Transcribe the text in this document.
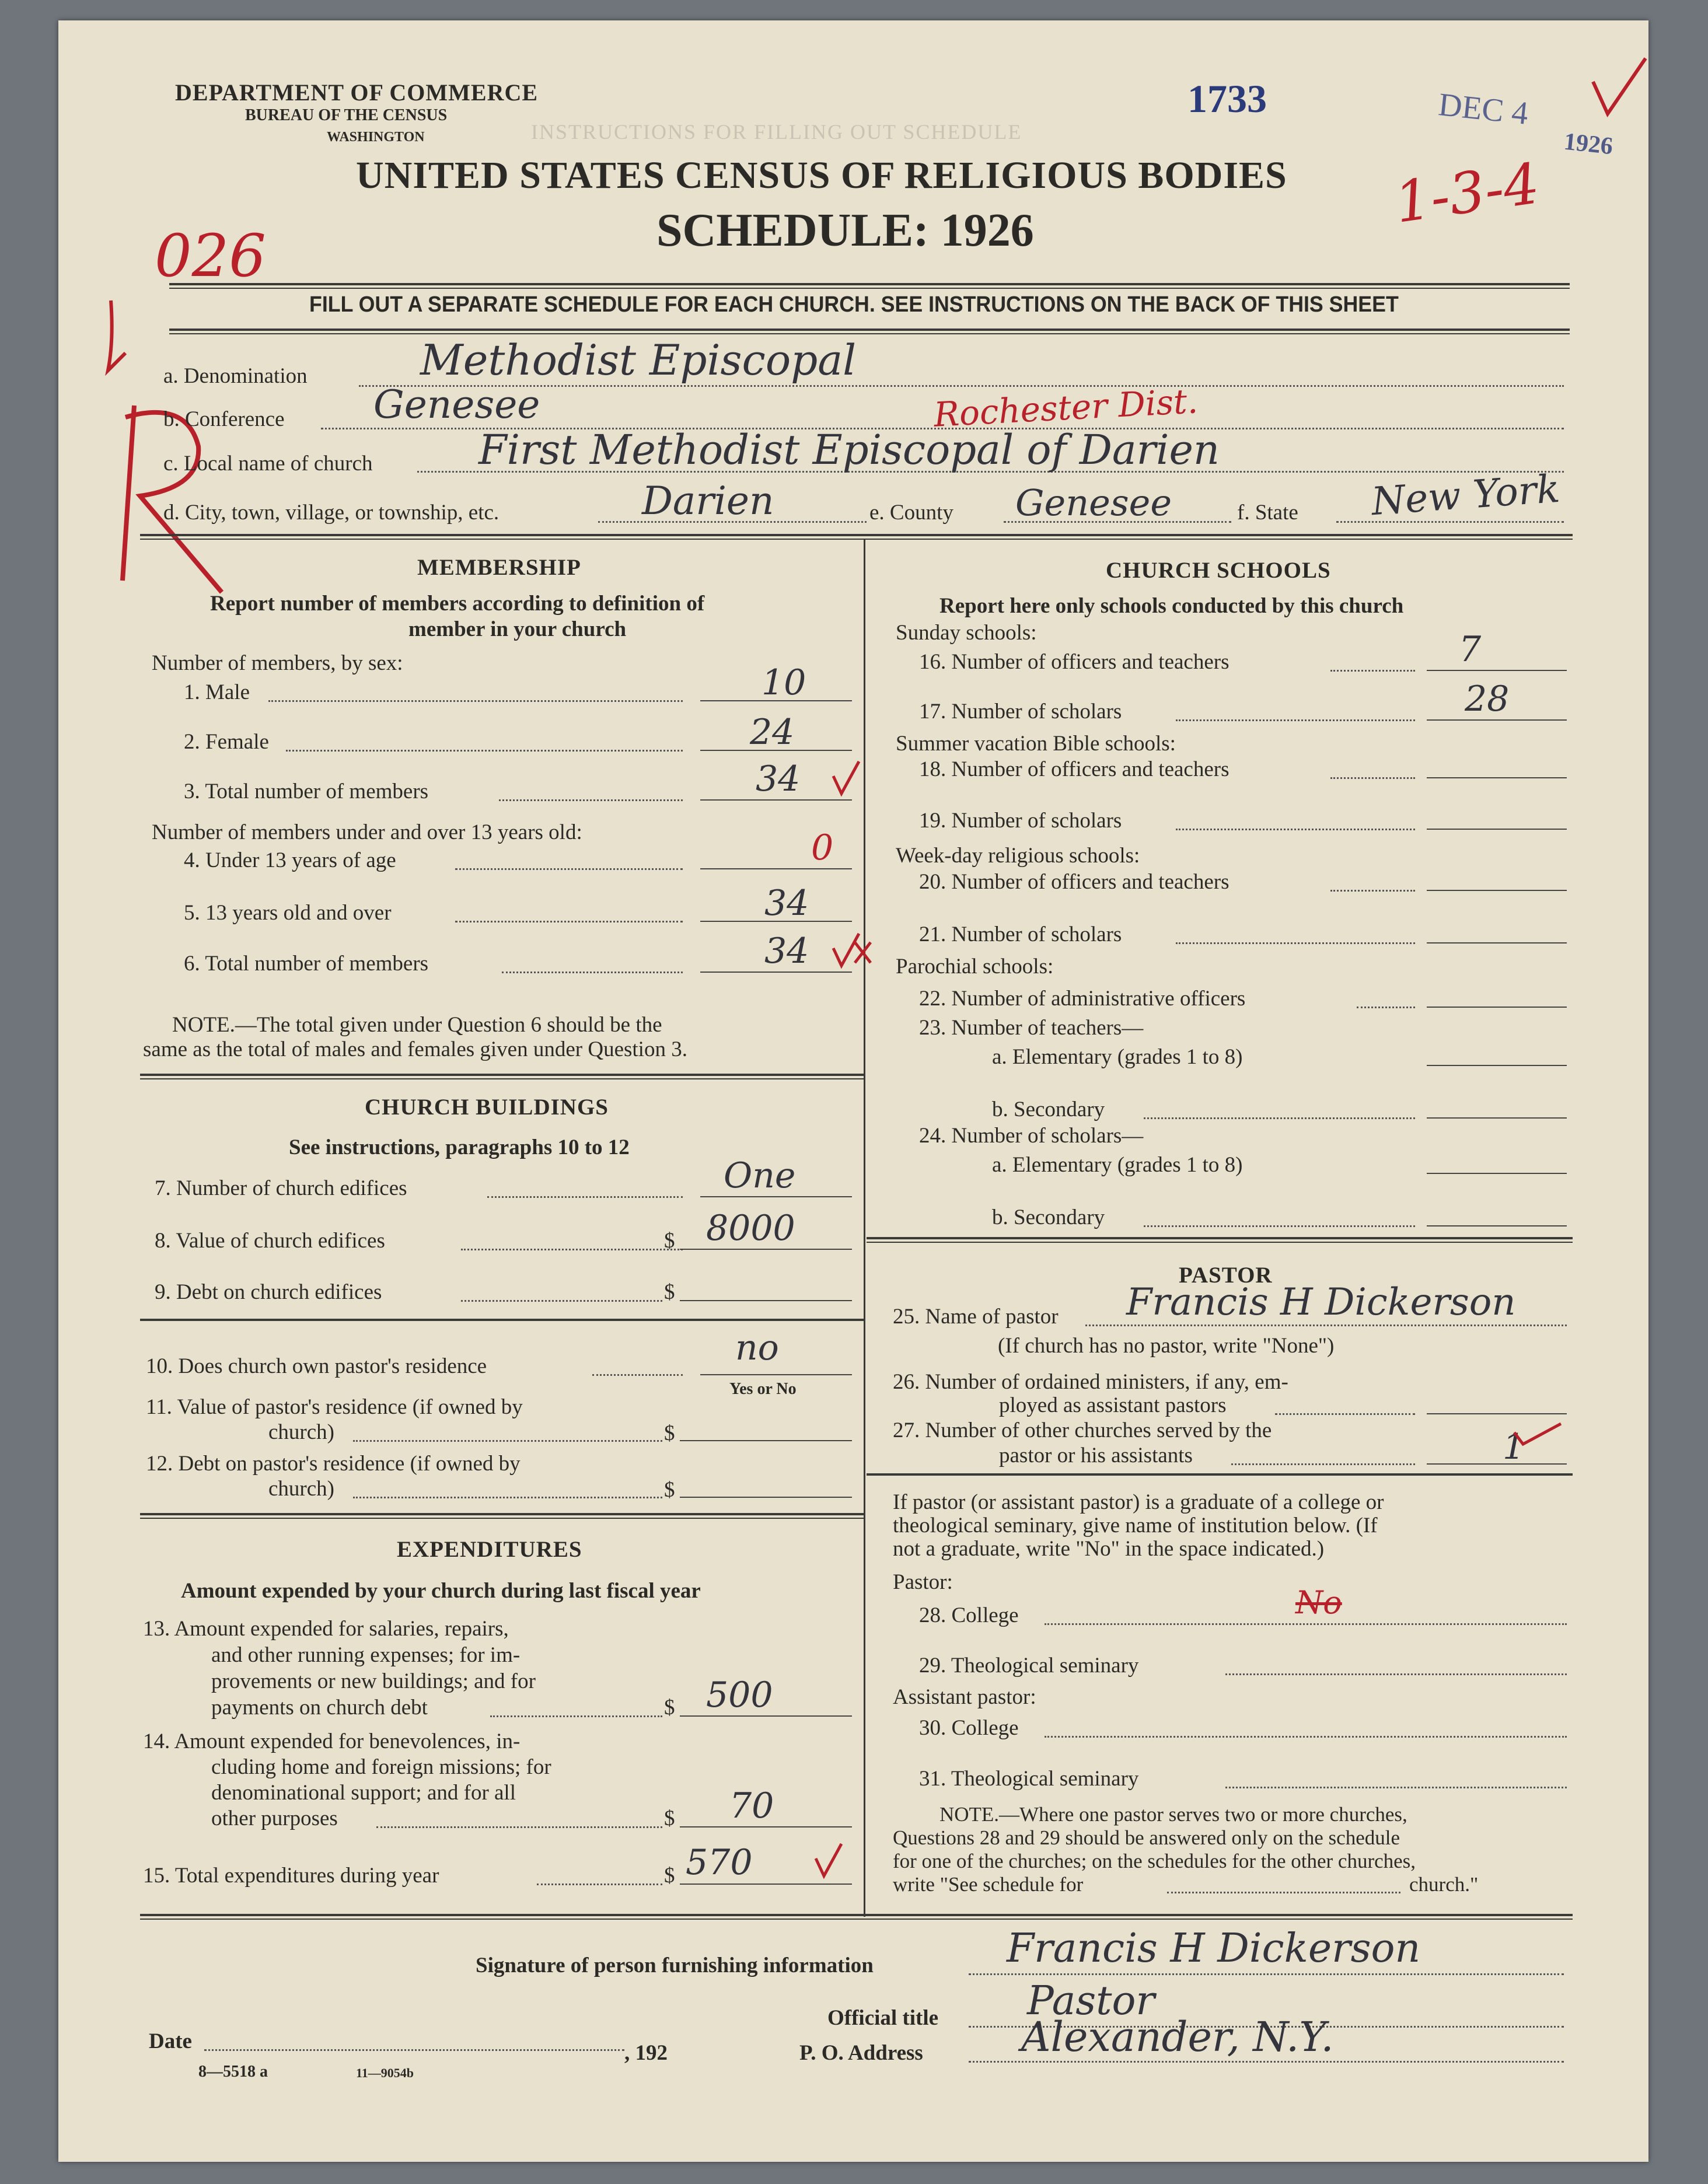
INSTRUCTIONS FOR FILLING OUT SCHEDULE
DEPARTMENT OF COMMERCE
BUREAU OF THE CENSUS
WASHINGTON
1733	DEC 4
1926
UNITED STATES CENSUS OF RELIGIOUS BODIES
SCHEDULE: 1926
026
1-3-4
FILL OUT A SEPARATE SCHEDULE FOR EACH CHURCH. SEE INSTRUCTIONS ON THE BACK OF THIS SHEET
a. Denomination	Methodist Episcopal
b. Conference Genesee	Rochester Dist.
c. Local name of church	First Methodist Episcopal of Darien
d. City, town, village, or township, etc.	Darien	e. County Genesee	f. State New York
MEMBERSHIP
Report number of members according to definition of
member in your church
Number of members, by sex:
1. Male	10
2. Female	24
3. Total number of members	34
Number of members under and over 13 years old:
4. Under 13 years of age	0
5. 13 years old and over	34
6. Total number of members	34
NOTE.—The total given under Question 6 should be the
same as the total of males and females given under Question 3.
CHURCH BUILDINGS
See instructions, paragraphs 10 to 12
7. Number of church edifices	One
8. Value of church edifices	$ 8000
9. Debt on church edifices	$
10. Does church own pastor's residence	no
Yes or No
11. Value of pastor's residence (if owned by
church)	$
12. Debt on pastor's residence (if owned by
church)	$
EXPENDITURES
Amount expended by your church during last fiscal year
13. Amount expended for salaries, repairs,
and other running expenses; for im-
provements or new buildings; and for
payments on church debt	$ 500
14. Amount expended for benevolences, in-
cluding home and foreign missions; for
denominational support; and for all
other purposes	$ 70
15. Total expenditures during year	$ 570
CHURCH SCHOOLS
Report here only schools conducted by this church
Sunday schools:
16. Number of officers and teachers	7
17. Number of scholars	28
Summer vacation Bible schools:
18. Number of officers and teachers
19. Number of scholars
Week-day religious schools:
20. Number of officers and teachers
21. Number of scholars
Parochial schools:
22. Number of administrative officers
23. Number of teachers—
a. Elementary (grades 1 to 8)
b. Secondary
24. Number of scholars—
a. Elementary (grades 1 to 8)
b. Secondary
PASTOR
25. Name of pastor Francis H Dickerson
(If church has no pastor, write "None")
26. Number of ordained ministers, if any, em-
ployed as assistant pastors
27. Number of other churches served by the
pastor or his assistants	1
If pastor (or assistant pastor) is a graduate of a college or
theological seminary, give name of institution below. (If
not a graduate, write "No" in the space indicated.)
Pastor:
28. College	No
29. Theological seminary
Assistant pastor:
30. College
31. Theological seminary
NOTE.—Where one pastor serves two or more churches,
Questions 28 and 29 should be answered only on the schedule
for one of the churches; on the schedules for the other churches,
write "See schedule for	church."
Signature of person furnishing information	Francis H Dickerson
Official title Pastor
Date	, 192	P. O. Address Alexander, N.Y.
8—5518 a	11—9054b
